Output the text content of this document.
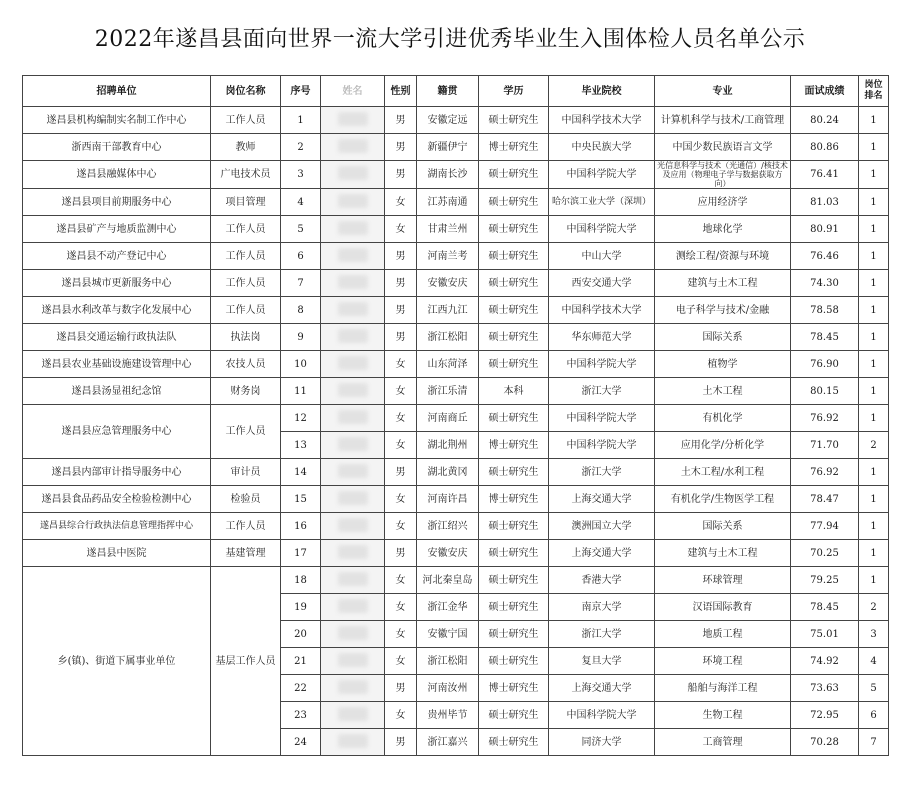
2022年遂昌县面向世界一流大学引进优秀毕业生入围体检人员名单公示
招聘单位	岗位名称	序号	姓名	性别	籍贯	学历	毕业院校	专业	面试成绩	岗位排名
遂昌县机构编制实名制工作中心	工作人员	1		男	安徽定远	硕士研究生	中国科学技术大学	计算机科学与技术/工商管理	80.24	1
浙西南干部教育中心	教师	2		男	新疆伊宁	博士研究生	中央民族大学	中国少数民族语言文学	80.86	1
遂昌县融媒体中心	广电技术员	3		男	湖南长沙	硕士研究生	中国科学院大学	光信息科学与技术（光通信）/核技术及应用（物理电子学与数据获取方向）	76.41	1
遂昌县项目前期服务中心	项目管理	4		女	江苏南通	硕士研究生	哈尔滨工业大学（深圳）	应用经济学	81.03	1
遂昌县矿产与地质监测中心	工作人员	5		女	甘肃兰州	硕士研究生	中国科学院大学	地球化学	80.91	1
遂昌县不动产登记中心	工作人员	6		男	河南兰考	硕士研究生	中山大学	测绘工程/资源与环境	76.46	1
遂昌县城市更新服务中心	工作人员	7		男	安徽安庆	硕士研究生	西安交通大学	建筑与土木工程	74.30	1
遂昌县水利改革与数字化发展中心	工作人员	8		男	江西九江	硕士研究生	中国科学技术大学	电子科学与技术/金融	78.58	1
遂昌县交通运输行政执法队	执法岗	9		男	浙江松阳	硕士研究生	华东师范大学	国际关系	78.45	1
遂昌县农业基础设施建设管理中心	农技人员	10		女	山东菏泽	硕士研究生	中国科学院大学	植物学	76.90	1
遂昌县汤显祖纪念馆	财务岗	11		女	浙江乐清	本科	浙江大学	土木工程	80.15	1
遂昌县应急管理服务中心	工作人员	12		女	河南商丘	硕士研究生	中国科学院大学	有机化学	76.92	1
		13		女	湖北荆州	博士研究生	中国科学院大学	应用化学/分析化学	71.70	2
遂昌县内部审计指导服务中心	审计员	14		男	湖北黄冈	硕士研究生	浙江大学	土木工程/水利工程	76.92	1
遂昌县食品药品安全检验检测中心	检验员	15		女	河南许昌	博士研究生	上海交通大学	有机化学/生物医学工程	78.47	1
遂昌县综合行政执法信息管理指挥中心	工作人员	16		女	浙江绍兴	硕士研究生	澳洲国立大学	国际关系	77.94	1
遂昌县中医院	基建管理	17		男	安徽安庆	硕士研究生	上海交通大学	建筑与土木工程	70.25	1
乡(镇)、街道下属事业单位	基层工作人员	18		女	河北秦皇岛	硕士研究生	香港大学	环球管理	79.25	1
		19		女	浙江金华	硕士研究生	南京大学	汉语国际教育	78.45	2
		20		女	安徽宁国	硕士研究生	浙江大学	地质工程	75.01	3
		21		女	浙江松阳	硕士研究生	复旦大学	环境工程	74.92	4
		22		男	河南汝州	博士研究生	上海交通大学	船舶与海洋工程	73.63	5
		23		女	贵州毕节	硕士研究生	中国科学院大学	生物工程	72.95	6
		24		男	浙江嘉兴	硕士研究生	同济大学	工商管理	70.28	7
